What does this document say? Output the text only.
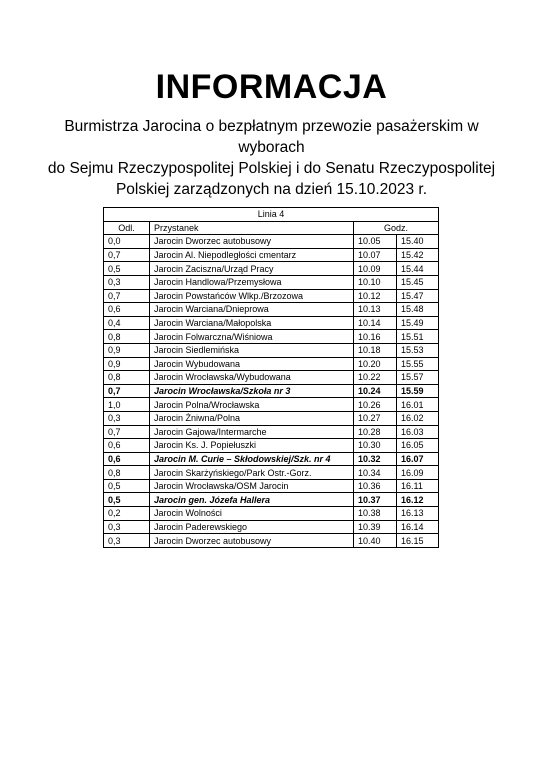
INFORMACJA
Burmistrza Jarocina o bezpłatnym przewozie pasażerskim w wyborach
do Sejmu Rzeczypospolitej Polskiej i do Senatu Rzeczypospolitej
Polskiej zarządzonych na dzień 15.10.2023 r.
Linia 4			
Odl.	Przystanek	Godz.	
0,0	Jarocin Dworzec autobusowy	10.05	15.40
0,7	Jarocin Al. Niepodległości cmentarz	10.07	15.42
0,5	Jarocin Zaciszna/Urząd Pracy	10.09	15.44
0,3	Jarocin Handlowa/Przemysłowa	10.10	15.45
0,7	Jarocin Powstańców Wlkp./Brzozowa	10.12	15.47
0,6	Jarocin Warciana/Dnieprowa	10.13	15.48
0,4	Jarocin Warciana/Małopolska	10.14	15.49
0,8	Jarocin Folwarczna/Wiśniowa	10.16	15.51
0,9	Jarocin Siedlemińska	10.18	15.53
0,9	Jarocin Wybudowana	10.20	15.55
0,8	Jarocin Wrocławska/Wybudowana	10.22	15.57
0,7	Jarocin Wrocławska/Szkoła nr 3	10.24	15.59
1,0	Jarocin Polna/Wrocławska	10.26	16.01
0,3	Jarocin Żniwna/Polna	10.27	16.02
0,7	Jarocin Gajowa/Intermarche	10.28	16.03
0,6	Jarocin Ks. J. Popiełuszki	10.30	16.05
0,6	Jarocin M. Curie – Skłodowskiej/Szk. nr 4	10.32	16.07
0,8	Jarocin Skarżyńskiego/Park Ostr.-Gorz.	10.34	16.09
0,5	Jarocin Wrocławska/OSM Jarocin	10.36	16.11
0,5	Jarocin gen. Józefa Hallera	10.37	16.12
0,2	Jarocin Wolności	10.38	16.13
0,3	Jarocin Paderewskiego	10.39	16.14
0,3	Jarocin Dworzec autobusowy	10.40	16.15
